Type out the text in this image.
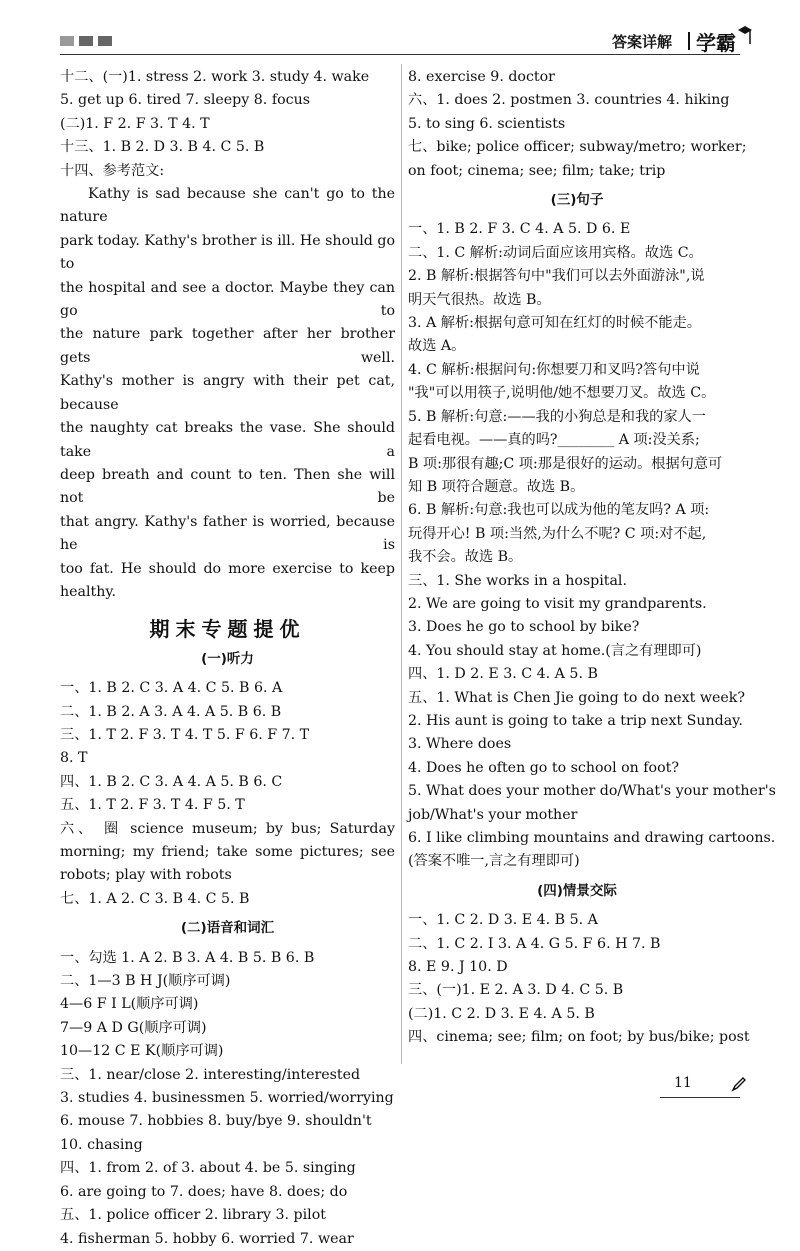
答案详解 学霸
十二、(一)1. stress 2. work 3. study 4. wake
5. get up 6. tired 7. sleepy 8. focus
(二)1. F 2. F 3. T 4. T
十三、1. B 2. D 3. B 4. C 5. B
十四、参考范文:
Kathy is sad because she can't go to the nature
park today. Kathy's brother is ill. He should go to
the hospital and see a doctor. Maybe they can go to
the nature park together after her brother gets well.
Kathy's mother is angry with their pet cat, because
the naughty cat breaks the vase. She should take a
deep breath and count to ten. Then she will not be
that angry. Kathy's father is worried, because he is
too fat. He should do more exercise to keep
healthy.
期末专题提优
(一)听力
一、1. B 2. C 3. A 4. C 5. B 6. A
二、1. B 2. A 3. A 4. A 5. B 6. B
三、1. T 2. F 3. T 4. T 5. F 6. F 7. T
8. T
四、1. B 2. C 3. A 4. A 5. B 6. C
五、1. T 2. F 3. T 4. F 5. T
六、 圈 science museum; by bus; Saturday
morning; my friend; take some pictures; see
robots; play with robots
七、1. A 2. C 3. B 4. C 5. B
(二)语音和词汇
一、勾选 1. A 2. B 3. A 4. B 5. B 6. B
二、1—3 B H J(顺序可调)
4—6 F I L(顺序可调)
7—9 A D G(顺序可调)
10—12 C E K(顺序可调)
三、1. near/close 2. interesting/interested
3. studies 4. businessmen 5. worried/worrying
6. mouse 7. hobbies 8. buy/bye 9. shouldn't
10. chasing
四、1. from 2. of 3. about 4. be 5. singing
6. are going to 7. does; have 8. does; do
五、1. police officer 2. library 3. pilot
4. fisherman 5. hobby 6. worried 7. wear
8. exercise 9. doctor
六、1. does 2. postmen 3. countries 4. hiking
5. to sing 6. scientists
七、bike; police officer; subway/metro; worker;
on foot; cinema; see; film; take; trip
(三)句子
一、1. B 2. F 3. C 4. A 5. D 6. E
二、1. C 解析:动词后面应该用宾格。故选 C。
2. B 解析:根据答句中"我们可以去外面游泳",说
明天气很热。故选 B。
3. A 解析:根据句意可知在红灯的时候不能走。
故选 A。
4. C 解析:根据问句:你想要刀和叉吗?答句中说
"我"可以用筷子,说明他/她不想要刀叉。故选 C。
5. B 解析:句意:——我的小狗总是和我的家人一
起看电视。——真的吗?________ A 项:没关系;
B 项:那很有趣;C 项:那是很好的运动。根据句意可
知 B 项符合题意。故选 B。
6. B 解析:句意:我也可以成为他的笔友吗? A 项:
玩得开心! B 项:当然,为什么不呢? C 项:对不起,
我不会。故选 B。
三、1. She works in a hospital.
2. We are going to visit my grandparents.
3. Does he go to school by bike?
4. You should stay at home.(言之有理即可)
四、1. D 2. E 3. C 4. A 5. B
五、1. What is Chen Jie going to do next week?
2. His aunt is going to take a trip next Sunday.
3. Where does
4. Does he often go to school on foot?
5. What does your mother do/What's your mother's
job/What's your mother
6. I like climbing mountains and drawing cartoons.
(答案不唯一,言之有理即可)
(四)情景交际
一、1. C 2. D 3. E 4. B 5. A
二、1. C 2. I 3. A 4. G 5. F 6. H 7. B
8. E 9. J 10. D
三、(一)1. E 2. A 3. D 4. C 5. B
(二)1. C 2. D 3. E 4. A 5. B
四、cinema; see; film; on foot; by bus/bike; post
11
